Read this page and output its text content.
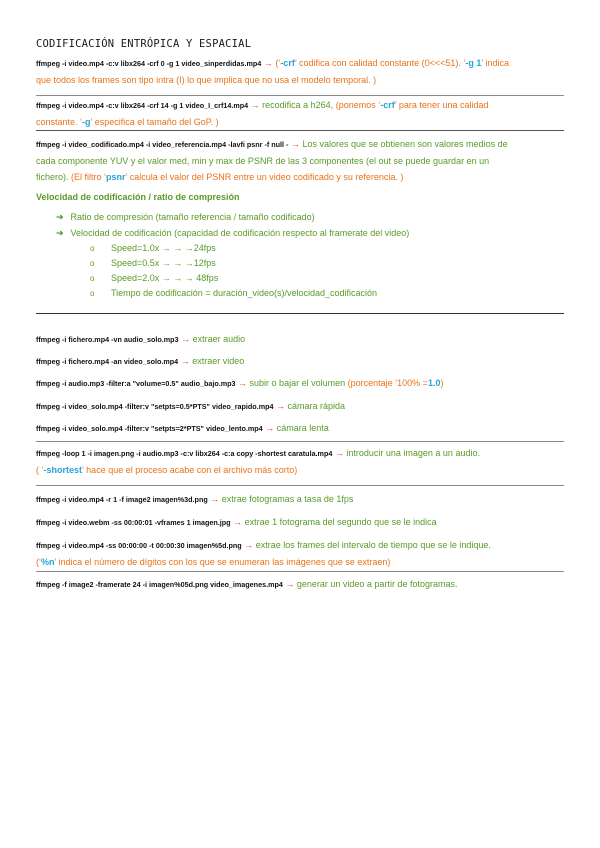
CODIFICACIÓN ENTRÓPICA Y ESPACIAL
ffmpeg -i video.mp4 -c:v libx264 -crf 0 -g 1 video_sinperdidas.mp4 → (‘-crf’ codifica con calidad constante (0<<<51). ‘-g 1’ indica
que todos los frames son tipo intra (I) lo que implica que no usa el modelo temporal. )
ffmpeg -i video.mp4 -c:v libx264 -crf 14 -g 1 video_I_crf14.mp4 → recodifica a h264, (ponemos ‘-crf’ para tener una calidad
constante. ‘-g’ especifica el tamaño del GoP. )
ffmpeg -i video_codificado.mp4 -i video_referencia.mp4 -lavfi psnr -f null - → Los valores que se obtienen son valores medios de
cada componente YUV y el valor med, min y max de PSNR de las 3 componentes (el out se puede guardar en un
fichero). (El filtro ‘psnr’ calcula el valor del PSNR entre un video codificado y su referencia. )
Velocidad de codificación / ratio de compresión
➔ Ratio de compresión (tamaño referencia / tamaño codificado)
➔ Velocidad de codificación (capacidad de codificación respecto al framerate del video)
o Speed=1.0x → → →24fps
o Speed=0.5x → → →12fps
o Speed=2.0x → → → 48fps
o Tiempo de codificación = duración_video(s)/velocidad_codificación
ffmpeg -i fichero.mp4 -vn audio_solo.mp3 → extraer audio
ffmpeg -i fichero.mp4 -an video_solo.mp4 → extraer video
ffmpeg -i audio.mp3 -filter:a "volume=0.5" audio_bajo.mp3 → subir o bajar el volumen (porcentaje ‘100% =1.0)
ffmpeg -i video_solo.mp4 -filter:v "setpts=0.5*PTS" video_rapido.mp4 → cámara rápida
ffmpeg -i video_solo.mp4 -filter:v "setpts=2*PTS" video_lento.mp4 → cámara lenta
ffmpeg -loop 1 -i imagen.png -i audio.mp3 -c:v libx264 -c:a copy -shortest caratula.mp4 → introducir una imagen a un audio.
( ‘-shortest’ hace que el proceso acabe con el archivo más corto)
ffmpeg -i video.mp4 -r 1 -f image2 imagen%3d.png → extrae fotogramas a tasa de 1fps
ffmpeg -i video.webm -ss 00:00:01 -vframes 1 imagen.jpg → extrae 1 fotograma del segundo que se le indica
ffmpeg -i video.mp4 -ss 00:00:00 -t 00:00:30 imagen%5d.png → extrae los frames del intervalo de tiempo que se le indique.
(‘%n’ indica el número de dígitos con los que se enumeran las imágenes que se extraen)
ffmpeg -f image2 -framerate 24 -i imagen%05d.png video_imagenes.mp4 → generar un video a partir de fotogramas.
